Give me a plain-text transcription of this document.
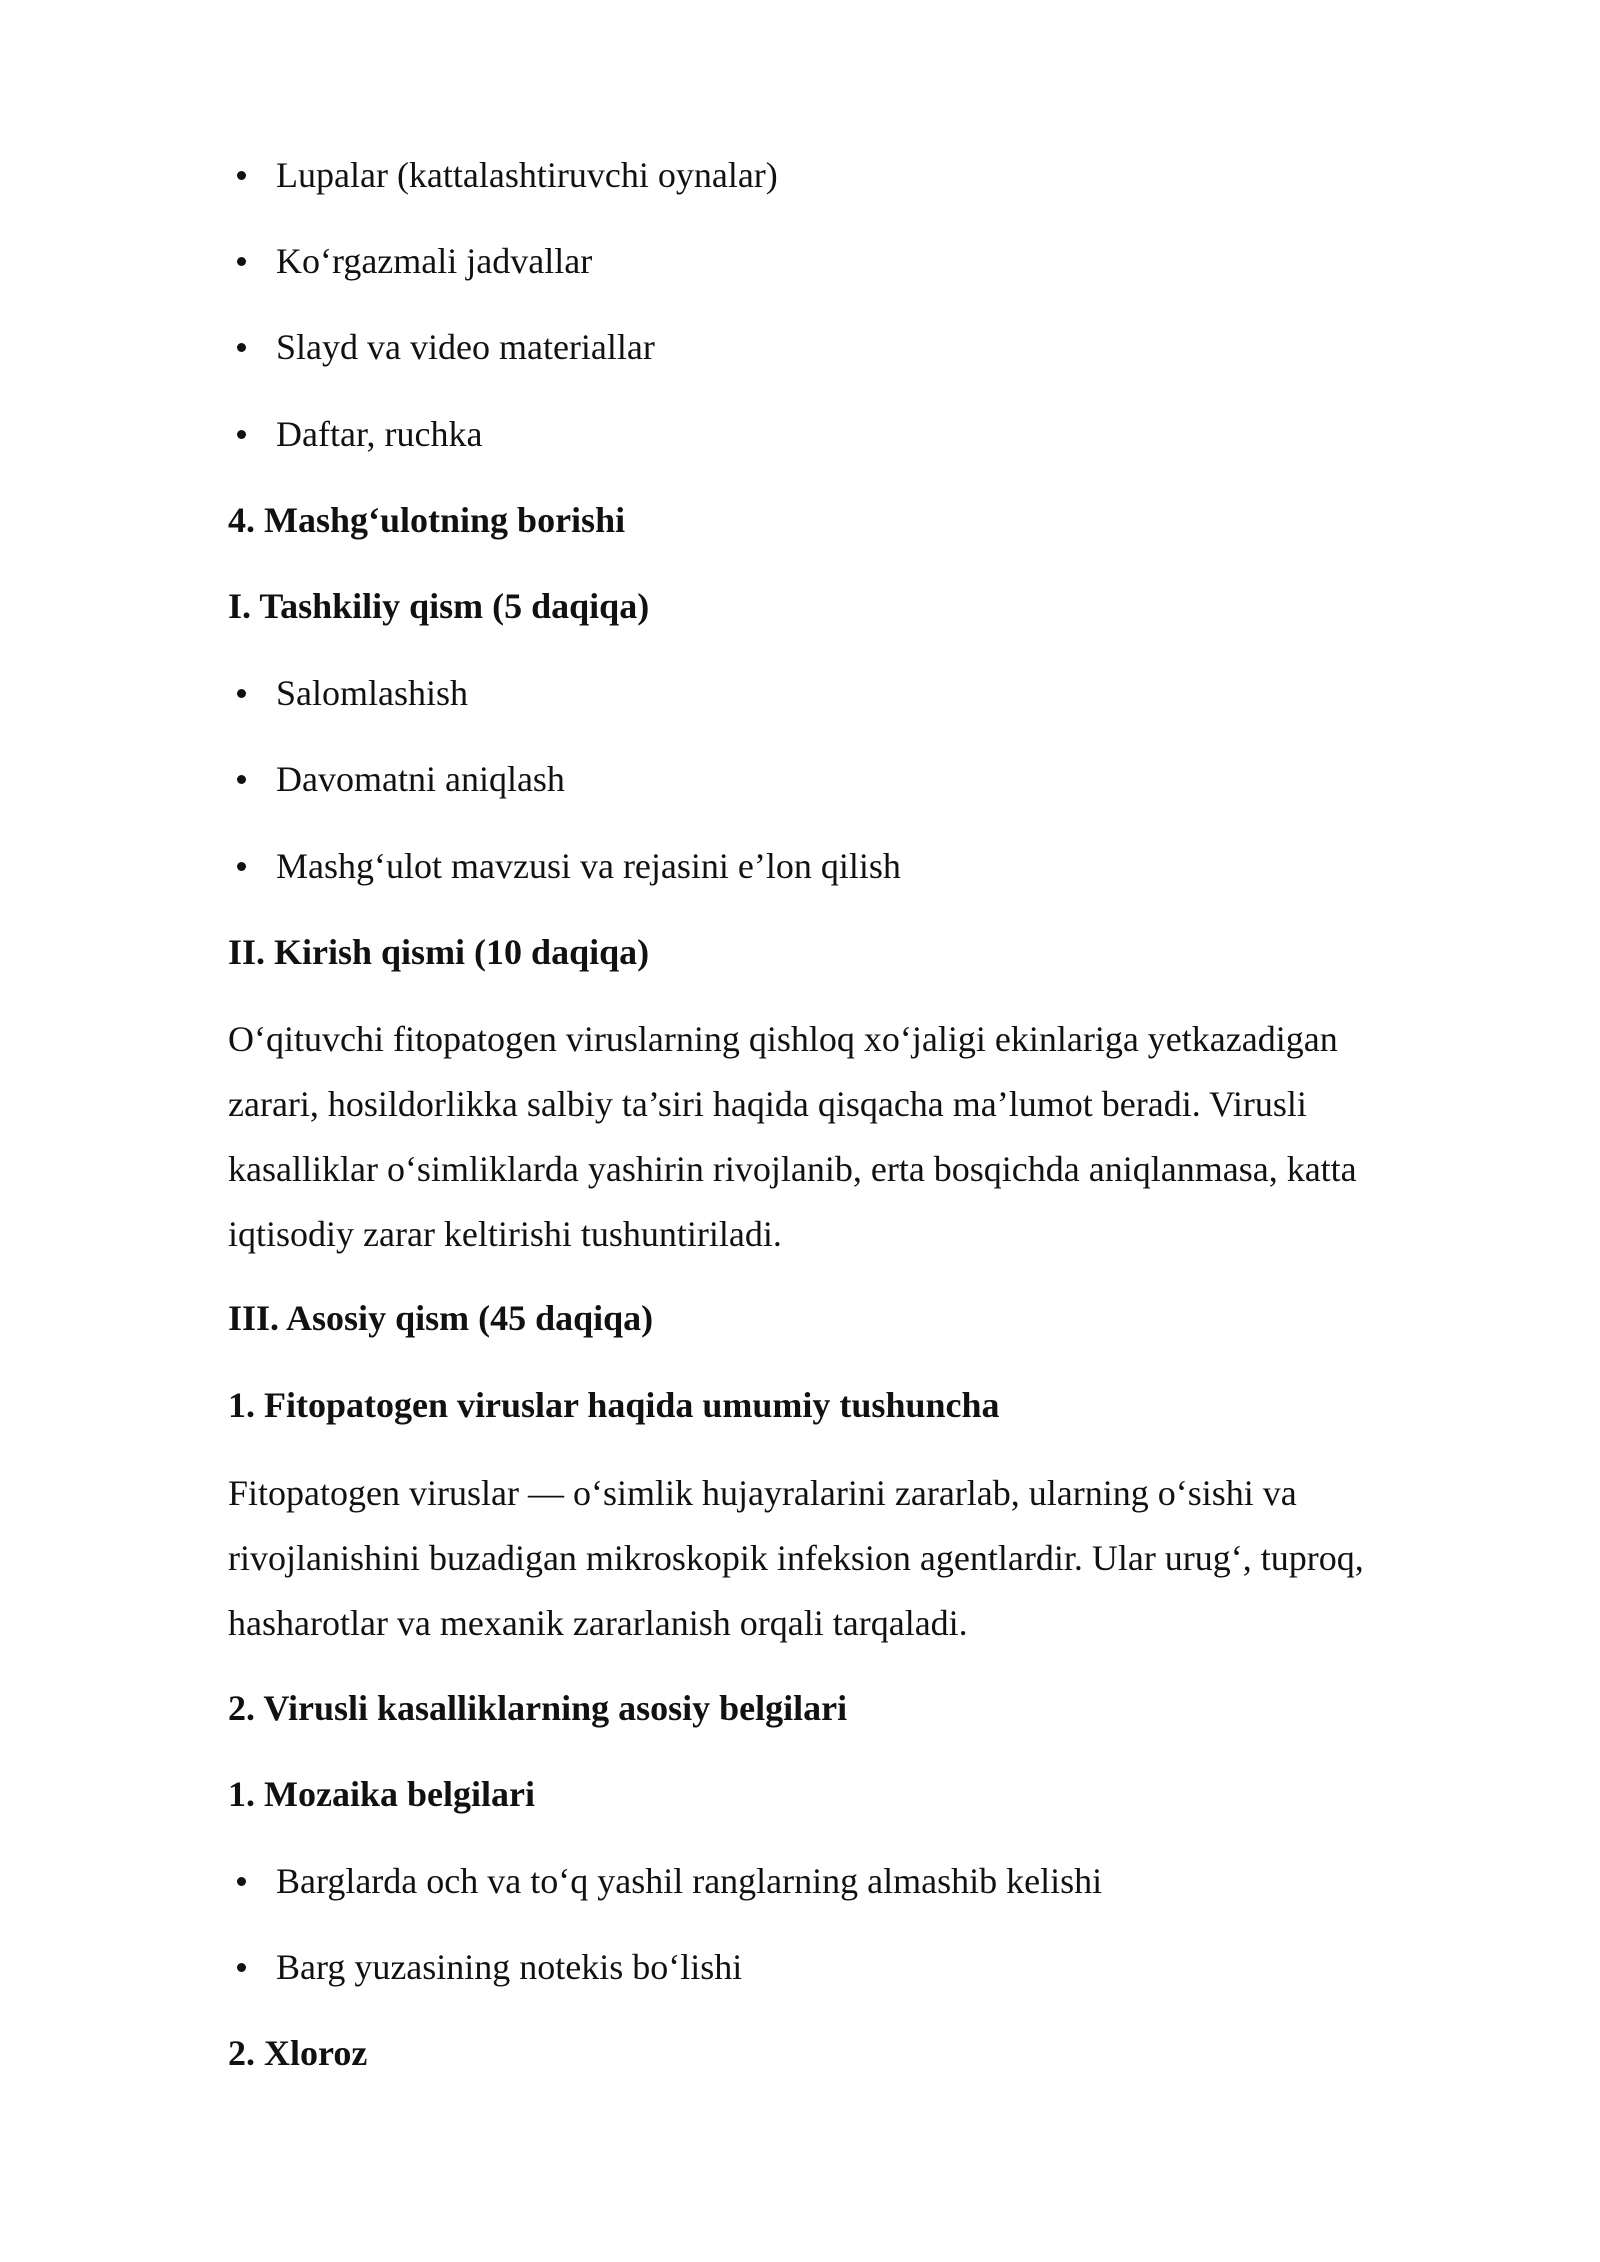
Lupalar (kattalashtiruvchi oynalar)
Ko‘rgazmali jadvallar
Slayd va video materiallar
Daftar, ruchka
4. Mashg‘ulotning borishi
I. Tashkiliy qism (5 daqiqa)
Salomlashish
Davomatni aniqlash
Mashg‘ulot mavzusi va rejasini e’lon qilish
II. Kirish qismi (10 daqiqa)
O‘qituvchi fitopatogen viruslarning qishloq xo‘jaligi ekinlariga yetkazadigan
zarari, hosildorlikka salbiy ta’siri haqida qisqacha ma’lumot beradi. Virusli
kasalliklar o‘simliklarda yashirin rivojlanib, erta bosqichda aniqlanmasa, katta
iqtisodiy zarar keltirishi tushuntiriladi.
III. Asosiy qism (45 daqiqa)
1. Fitopatogen viruslar haqida umumiy tushuncha
Fitopatogen viruslar — o‘simlik hujayralarini zararlab, ularning o‘sishi va
rivojlanishini buzadigan mikroskopik infeksion agentlardir. Ular urug‘, tuproq,
hasharotlar va mexanik zararlanish orqali tarqaladi.
2. Virusli kasalliklarning asosiy belgilari
1. Mozaika belgilari
Barglarda och va to‘q yashil ranglarning almashib kelishi
Barg yuzasining notekis bo‘lishi
2. Xloroz
